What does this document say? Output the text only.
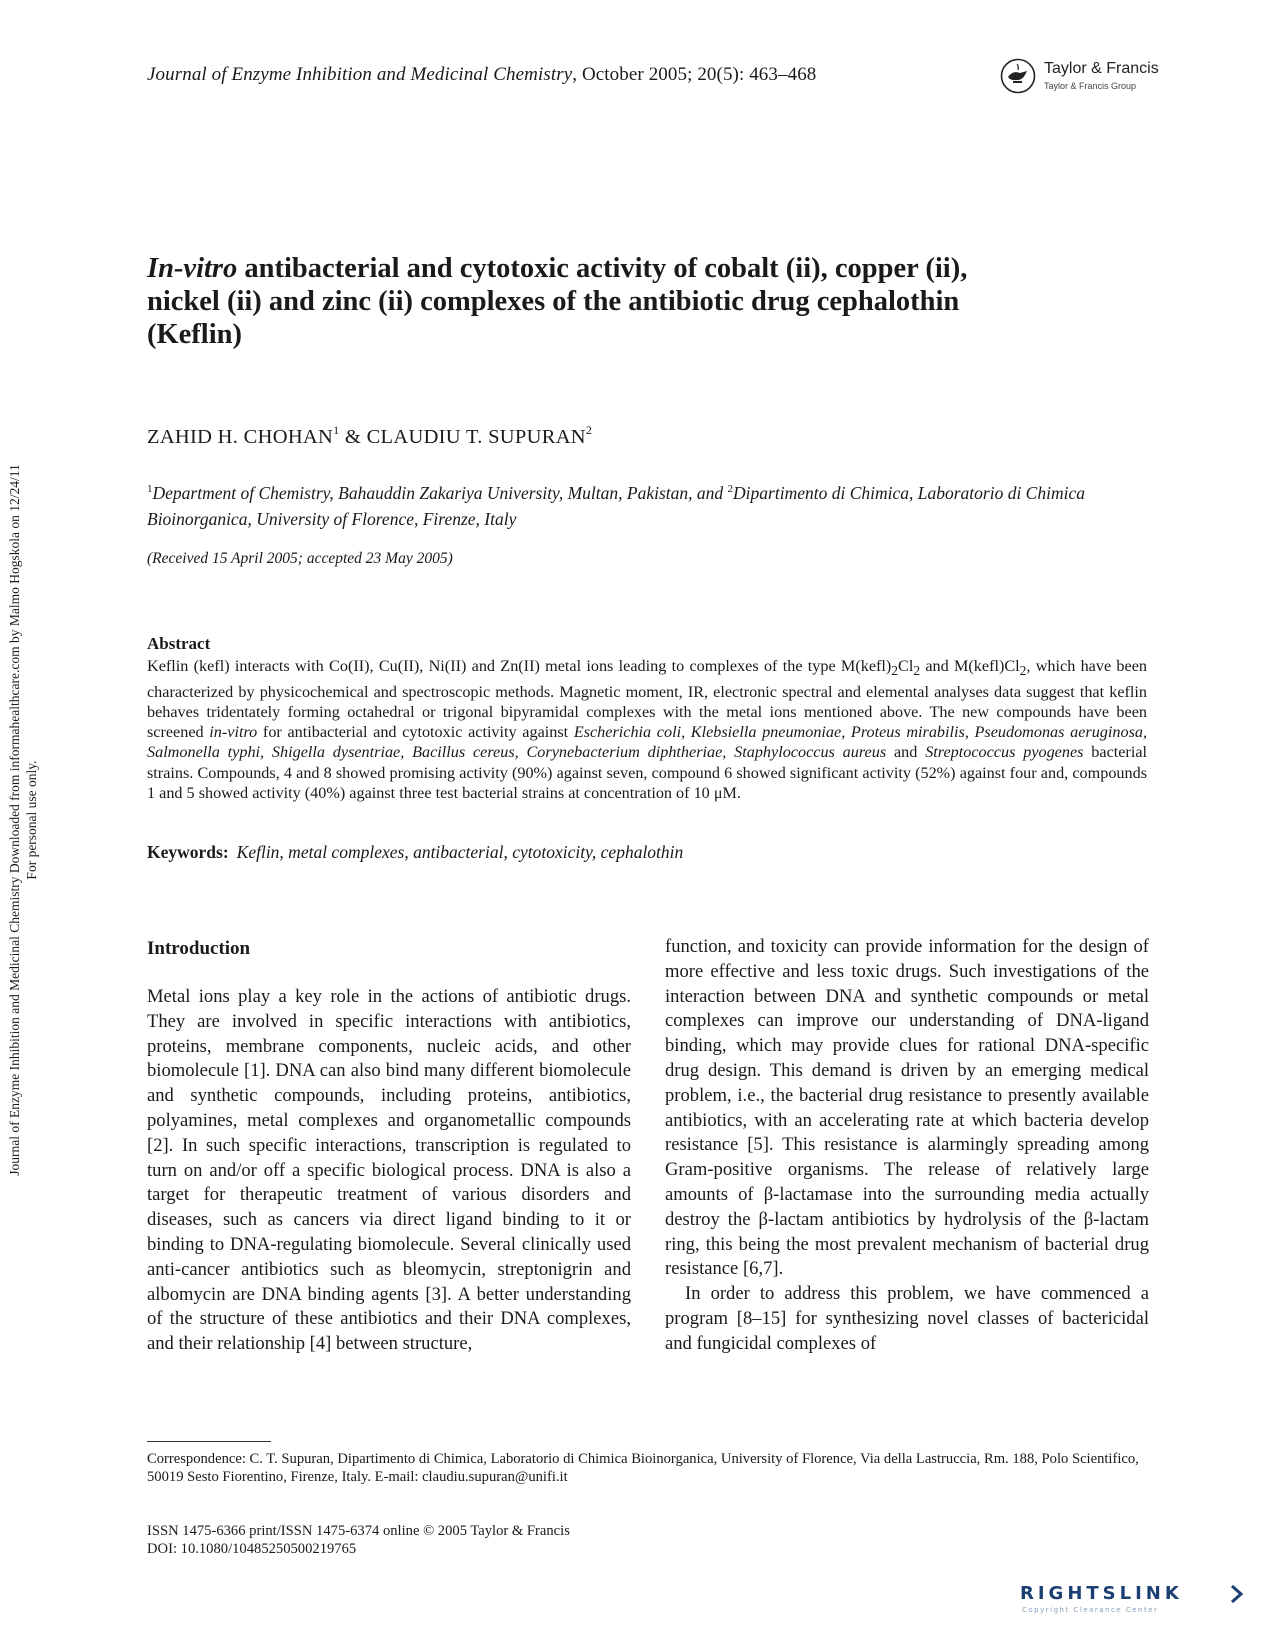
Journal of Enzyme Inhibition and Medicinal Chemistry, October 2005; 20(5): 463–468	Taylor & Francis
Taylor & Francis Group
Journal of Enzyme Inhibition and Medicinal Chemistry Downloaded from informahealthcare.com by Malmo Hogskola on 12/24/11 For personal use only.
In-vitro antibacterial and cytotoxic activity of cobalt (ii), copper (ii),
nickel (ii) and zinc (ii) complexes of the antibiotic drug cephalothin
(Keflin)
ZAHID H. CHOHAN$^1$ & CLAUDIU T. SUPURAN$^2$
$^1$Department of Chemistry, Bahauddin Zakariya University, Multan, Pakistan, and $^2$Dipartimento di Chimica, Laboratorio di Chimica Bioinorganica, University of Florence, Firenze, Italy
(Received 15 April 2005; accepted 23 May 2005)
Abstract
Keflin (kefl) interacts with Co(II), Cu(II), Ni(II) and Zn(II) metal ions leading to complexes of the type $M(kefl)_2Cl_2$ and $M(kefl)Cl_2$, which have been characterized by physicochemical and spectroscopic methods. Magnetic moment, IR, electronic spectral and elemental analyses data suggest that keflin behaves tridentately forming octahedral or trigonal bipyramidal complexes with the metal ions mentioned above. The new compounds have been screened in-vitro for antibacterial and cytotoxic activity against Escherichia coli, Klebsiella pneumoniae, Proteus mirabilis, Pseudomonas aeruginosa, Salmonella typhi, Shigella dysentriae, Bacillus cereus, Corynebacterium diphtheriae, Staphylococcus aureus and Streptococcus pyogenes bacterial strains. Compounds, 4 and 8 showed promising activity (90%) against seven, compound 6 showed significant activity (52%) against four and, compounds 1 and 5 showed activity (40%) against three test bacterial strains at concentration of 10 μM.
Keywords: Keflin, metal complexes, antibacterial, cytotoxicity, cephalothin
Introduction

Metal ions play a key role in the actions of antibiotic drugs. They are involved in specific interactions with antibiotics, proteins, membrane components, nucleic acids, and other biomolecule [1]. DNA can also bind many different biomolecule and synthetic compounds, including proteins, antibiotics, polyamines, metal complexes and organometallic compounds [2]. In such specific interactions, transcription is regulated to turn on and/or off a specific biological process. DNA is also a target for therapeutic treatment of various disorders and diseases, such as cancers via direct ligand binding to it or binding to DNA-regulating biomolecule. Several clinically used anti-cancer antibiotics such as bleomycin, streptonigrin and albomycin are DNA binding agents [3]. A better understanding of the structure of these antibiotics and their DNA complexes, and their relationship [4] between structure,

function, and toxicity can provide information for the design of more effective and less toxic drugs. Such investigations of the interaction between DNA and synthetic compounds or metal complexes can improve our understanding of DNA-ligand binding, which may provide clues for rational DNA-specific drug design. This demand is driven by an emerging medical problem, i.e., the bacterial drug resistance to presently available antibiotics, with an accelerating rate at which bacteria develop resistance [5]. This resistance is alarmingly spreading among Gram-positive organisms. The release of relatively large amounts of β-lactamase into the surrounding media actually destroy the β-lactam antibiotics by hydrolysis of the β-lactam ring, this being the most prevalent mechanism of bacterial drug resistance [6,7].

In order to address this problem, we have commenced a program [8–15] for synthesizing novel classes of bactericidal and fungicidal complexes of

Correspondence: C. T. Supuran, Dipartimento di Chimica, Laboratorio di Chimica Bioinorganica, University of Florence, Via della Lastruccia, Rm. 188, Polo Scientifico, 50019 Sesto Fiorentino, Firenze, Italy. E-mail: claudiu.supuran@unifi.it
ISSN 1475-6366 print/ISSN 1475-6374 online © 2005 Taylor & Francis
DOI: 10.1080/10485250500219765
RIGHTSLINK
Copyright Clearance Center
